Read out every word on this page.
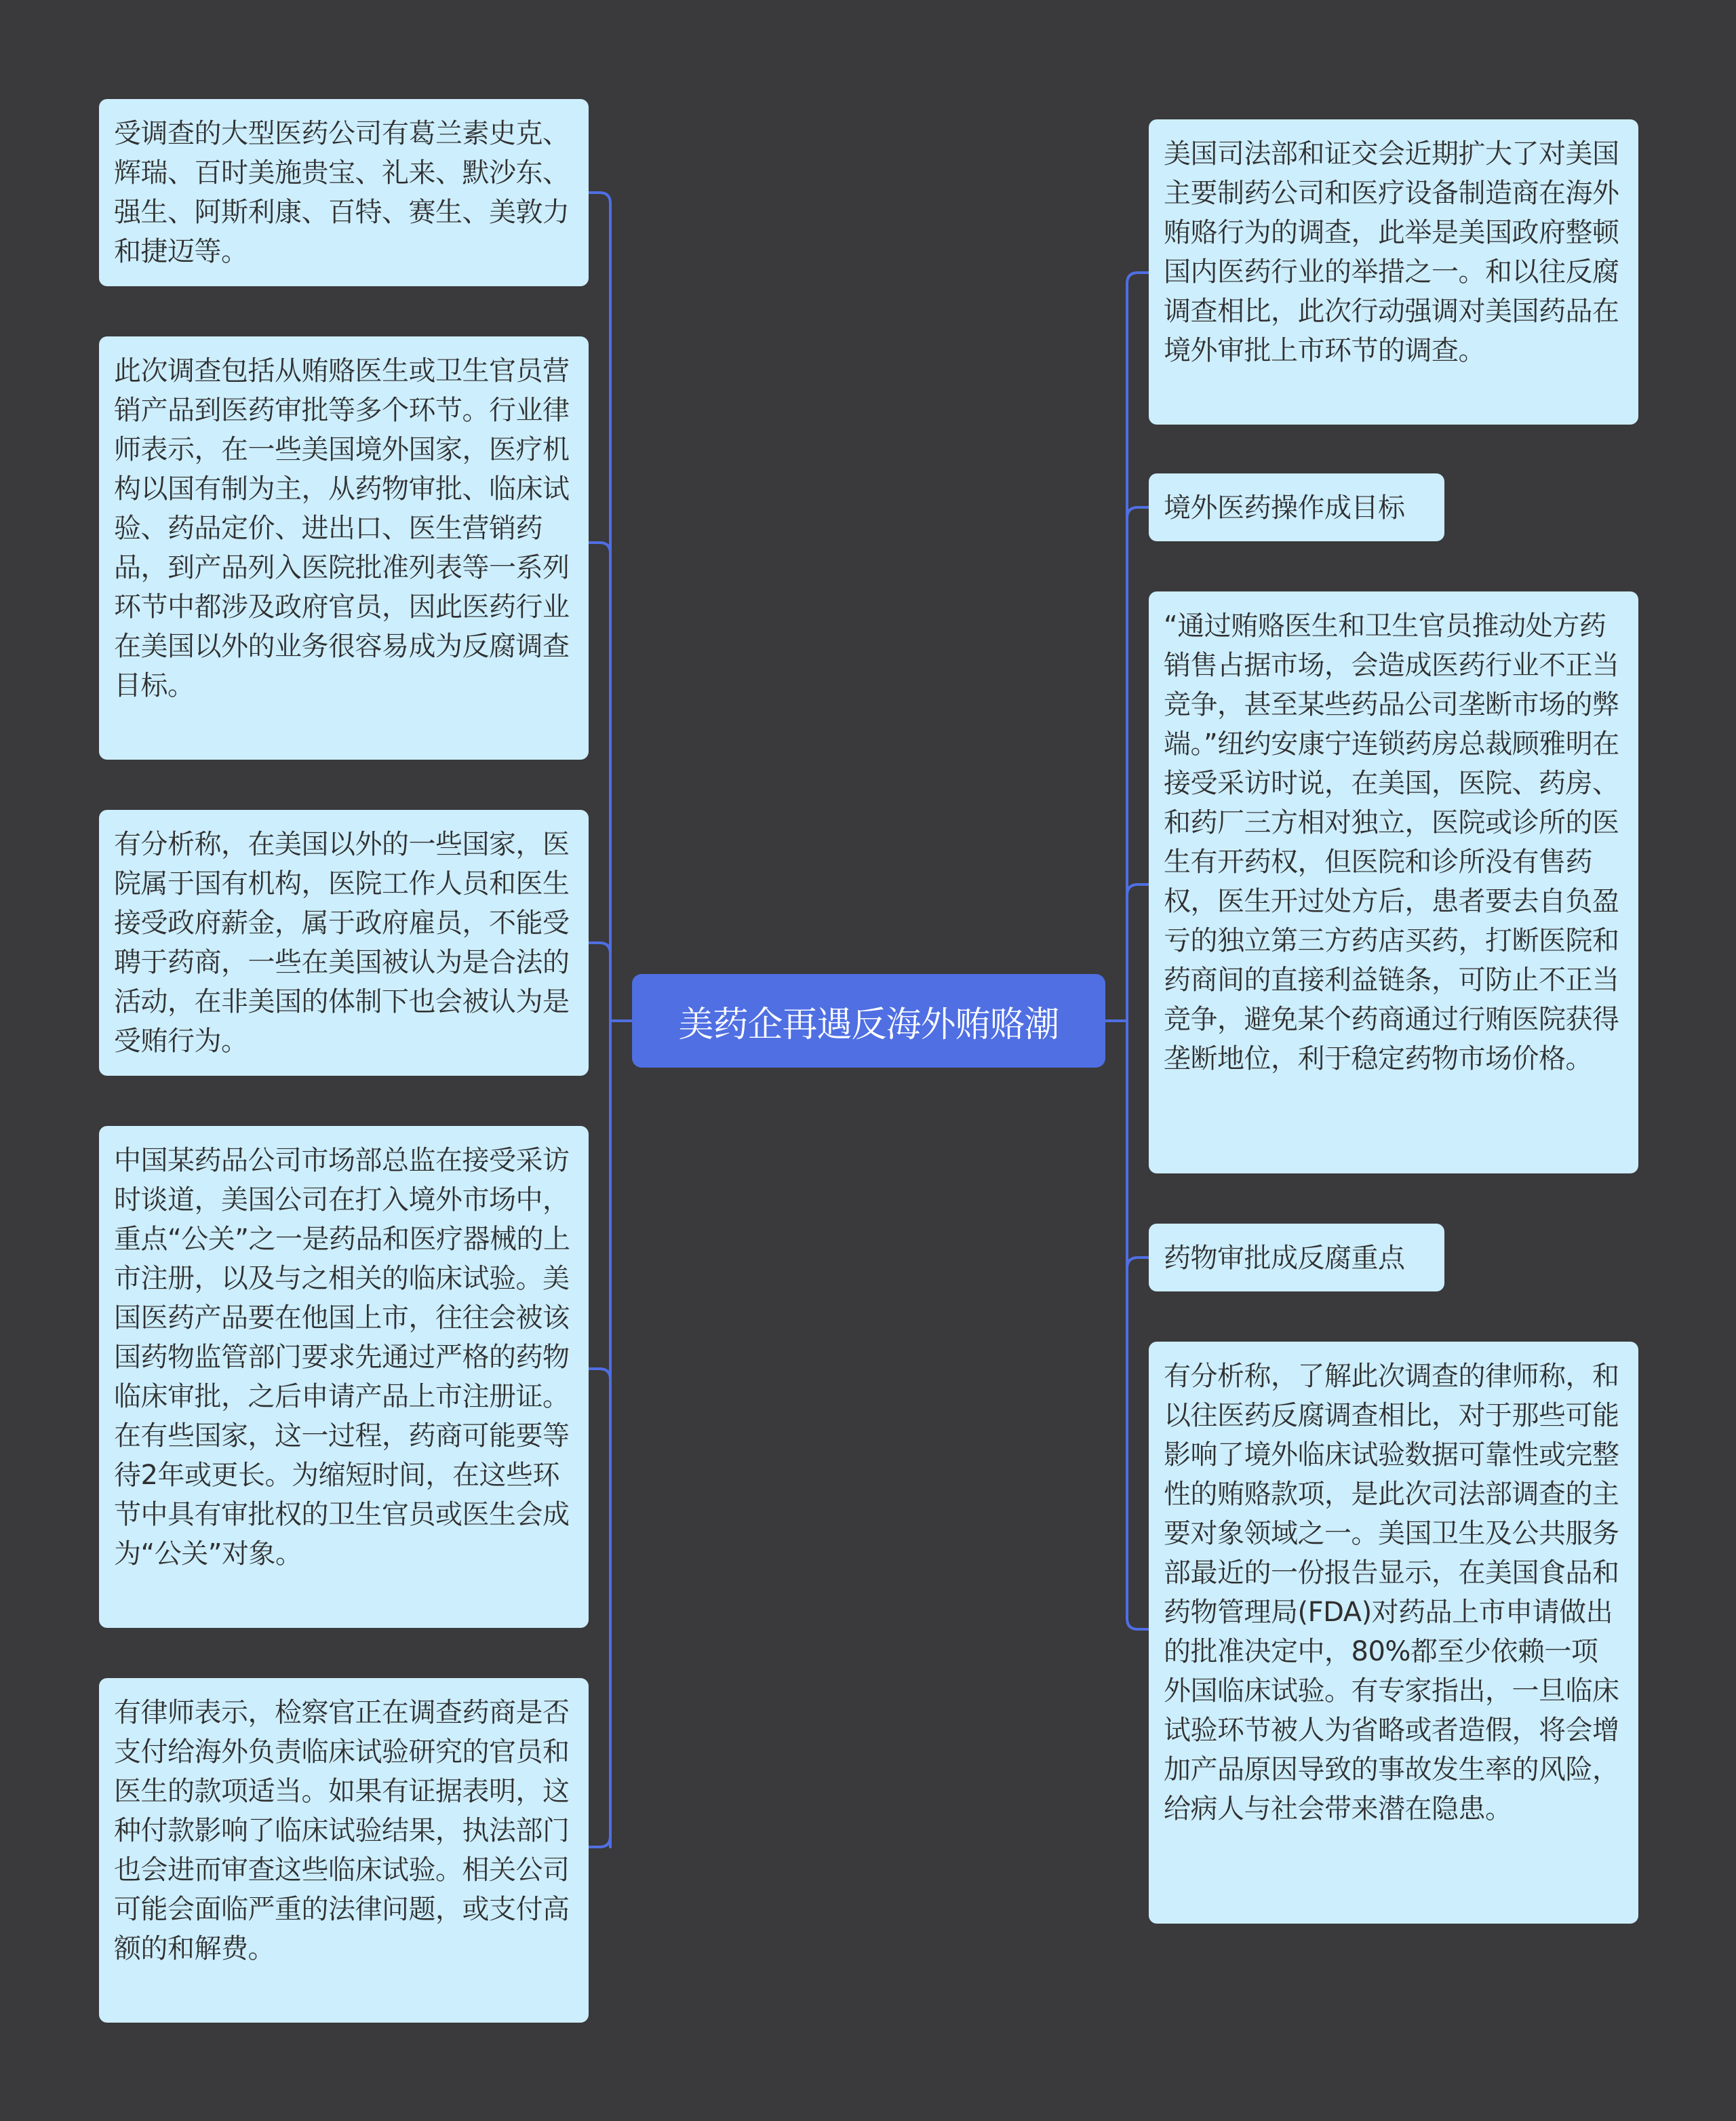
受调查的大型医药公司有葛兰素史克、辉瑞、百时美施贵宝、礼来、默沙东、强生、阿斯利康、百特、赛生、美敦力和捷迈等。
此次调查包括从贿赂医生或卫生官员营销产品到医药审批等多个环节。行业律师表示，在一些美国境外国家，医疗机构以国有制为主，从药物审批、临床试验、药品定价、进出口、医生营销药品，到产品列入医院批准列表等一系列环节中都涉及政府官员，因此医药行业在美国以外的业务很容易成为反腐调查目标。
有分析称，在美国以外的一些国家，医院属于国有机构，医院工作人员和医生接受政府薪金，属于政府雇员，不能受聘于药商，一些在美国被认为是合法的活动，在非美国的体制下也会被认为是受贿行为。
中国某药品公司市场部总监在接受采访时谈道，美国公司在打入境外市场中，重点“公关”之一是药品和医疗器械的上市注册，以及与之相关的临床试验。美国医药产品要在他国上市，往往会被该国药物监管部门要求先通过严格的药物临床审批，之后申请产品上市注册证。在有些国家，这一过程，药商可能要等待2年或更长。为缩短时间，在这些环节中具有审批权的卫生官员或医生会成为“公关”对象。
有律师表示，检察官正在调查药商是否支付给海外负责临床试验研究的官员和医生的款项适当。如果有证据表明，这种付款影响了临床试验结果，执法部门也会进而审查这些临床试验。相关公司可能会面临严重的法律问题，或支付高额的和解费。
美药企再遇反海外贿赂潮
美国司法部和证交会近期扩大了对美国主要制药公司和医疗设备制造商在海外贿赂行为的调查，此举是美国政府整顿国内医药行业的举措之一。和以往反腐调查相比，此次行动强调对美国药品在境外审批上市环节的调查。
境外医药操作成目标
“通过贿赂医生和卫生官员推动处方药销售占据市场，会造成医药行业不正当竞争，甚至某些药品公司垄断市场的弊端。”纽约安康宁连锁药房总裁顾雅明在接受采访时说，在美国，医院、药房、和药厂三方相对独立，医院或诊所的医生有开药权，但医院和诊所没有售药权，医生开过处方后，患者要去自负盈亏的独立第三方药店买药，打断医院和药商间的直接利益链条，可防止不正当竞争，避免某个药商通过行贿医院获得垄断地位，利于稳定药物市场价格。
药物审批成反腐重点
有分析称，了解此次调查的律师称，和以往医药反腐调查相比，对于那些可能影响了境外临床试验数据可靠性或完整性的贿赂款项，是此次司法部调查的主要对象领域之一。美国卫生及公共服务部最近的一份报告显示，在美国食品和药物管理局(FDA)对药品上市申请做出的批准决定中，80%都至少依赖一项外国临床试验。有专家指出，一旦临床试验环节被人为省略或者造假，将会增加产品原因导致的事故发生率的风险，给病人与社会带来潜在隐患。
